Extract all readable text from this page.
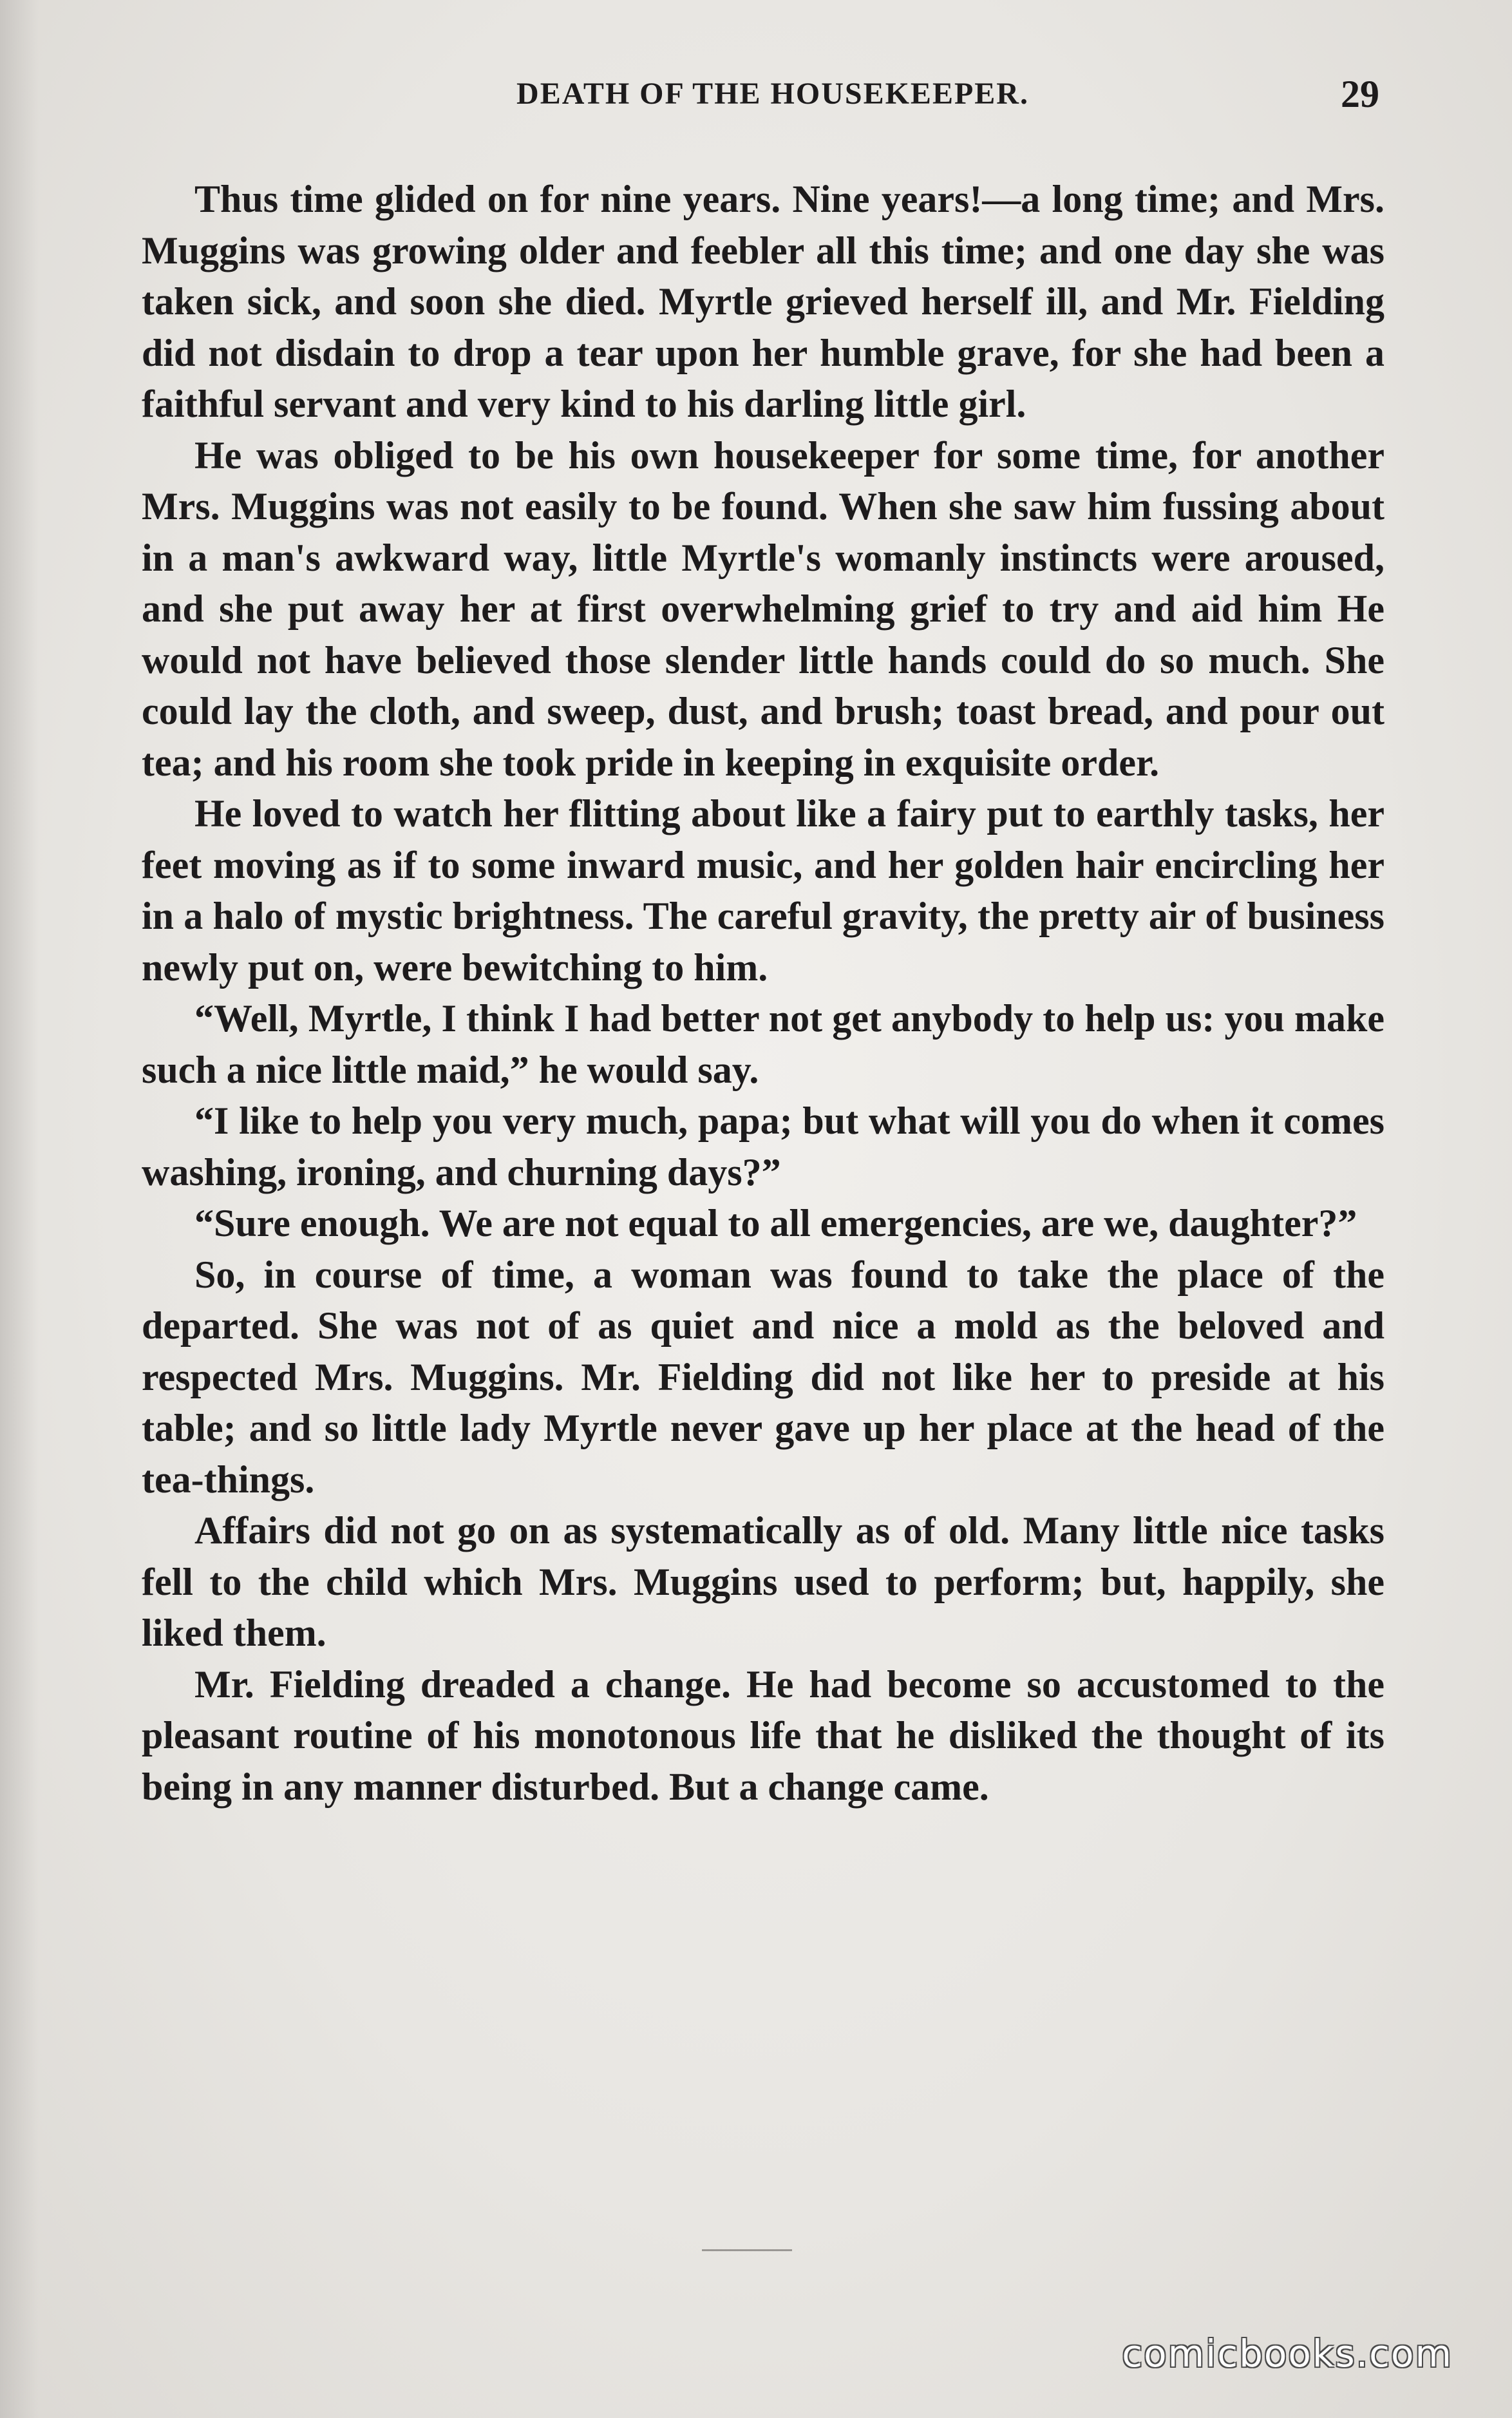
DEATH OF THE HOUSEKEEPER.	29

Thus time glided on for nine years. Nine years!—a long time; and Mrs. Muggins was growing older and feebler all this time; and one day she was taken sick, and soon she died. Myrtle grieved herself ill, and Mr. Fielding did not disdain to drop a tear upon her humble grave, for she had been a faithful servant and very kind to his darling little girl.

He was obliged to be his own housekeeper for some time, for another Mrs. Muggins was not easily to be found. When she saw him fussing about in a man's awkward way, little Myrtle's womanly instincts were aroused, and she put away her at first overwhelming grief to try and aid him He would not have believed those slender little hands could do so much. She could lay the cloth, and sweep, dust, and brush; toast bread, and pour out tea; and his room she took pride in keeping in exquisite order.

He loved to watch her flitting about like a fairy put to earthly tasks, her feet moving as if to some inward music, and her golden hair encircling her in a halo of mystic brightness. The careful gravity, the pretty air of business newly put on, were bewitching to him.

“Well, Myrtle, I think I had better not get anybody to help us: you make such a nice little maid,” he would say.

“I like to help you very much, papa; but what will you do when it comes washing, ironing, and churning days?”

“Sure enough. We are not equal to all emergencies, are we, daughter?”

So, in course of time, a woman was found to take the place of the departed. She was not of as quiet and nice a mold as the beloved and respected Mrs. Muggins. Mr. Fielding did not like her to preside at his table; and so little lady Myrtle never gave up her place at the head of the tea-things.

Affairs did not go on as systematically as of old. Many little nice tasks fell to the child which Mrs. Muggins used to perform; but, happily, she liked them.

Mr. Fielding dreaded a change. He had become so accustomed to the pleasant routine of his monotonous life that he disliked the thought of its being in any manner disturbed. But a change came.

comicbooks.com
